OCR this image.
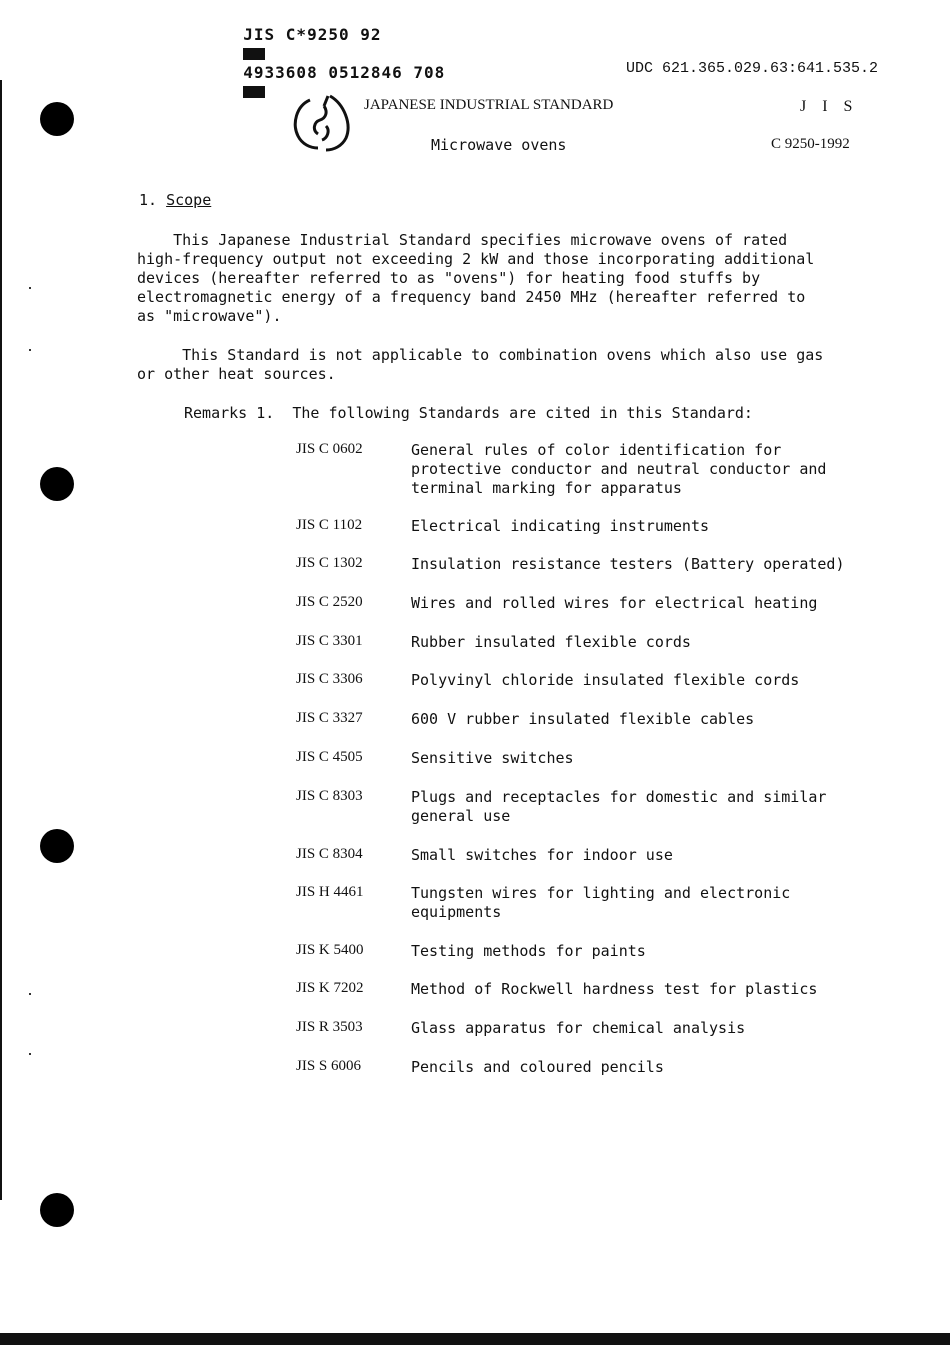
JIS C*9250 92

4933608 0512846 708
	UDC 621.365.029.63:641.535.2
JAPANESE INDUSTRIAL STANDARD	J I S
Microwave ovens	C 9250-1992
1. Scope
This Japanese Industrial Standard specifies microwave ovens of rated
high-frequency output not exceeding 2 kW and those incorporating additional
devices (hereafter referred to as "ovens") for heating food stuffs by
electromagnetic energy of a frequency band 2450 MHz (hereafter referred to
as "microwave").
This Standard is not applicable to combination ovens which also use gas
or other heat sources.
Remarks 1.  The following Standards are cited in this Standard:
JIS C 0602	General rules of color identification for
protective conductor and neutral conductor and
terminal marking for apparatus
JIS C 1102	Electrical indicating instruments
JIS C 1302	Insulation resistance testers (Battery operated)
JIS C 2520	Wires and rolled wires for electrical heating
JIS C 3301	Rubber insulated flexible cords
JIS C 3306	Polyvinyl chloride insulated flexible cords
JIS C 3327	600 V rubber insulated flexible cables
JIS C 4505	Sensitive switches
JIS C 8303	Plugs and receptacles for domestic and similar
general use
JIS C 8304	Small switches for indoor use
JIS H 4461	Tungsten wires for lighting and electronic
equipments
JIS K 5400	Testing methods for paints
JIS K 7202	Method of Rockwell hardness test for plastics
JIS R 3503	Glass apparatus for chemical analysis
JIS S 6006	Pencils and coloured pencils
